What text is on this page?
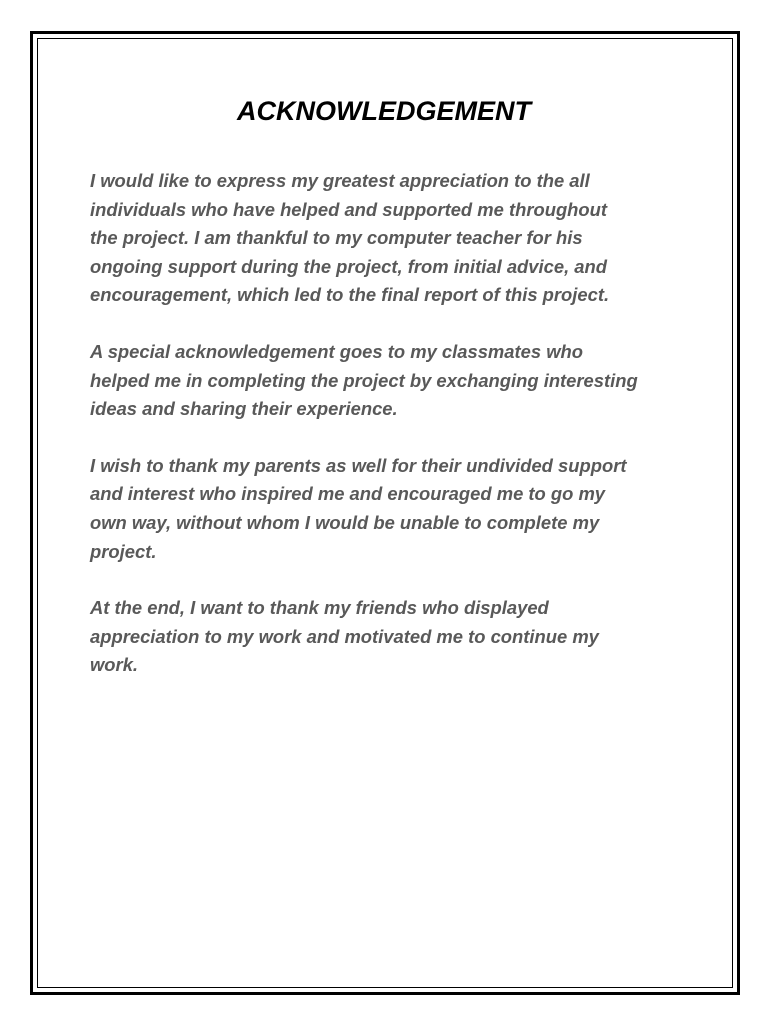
ACKNOWLEDGEMENT

I would like to express my greatest appreciation to the all
individuals who have helped and supported me throughout
the project. I am thankful to my computer teacher for his
ongoing support during the project, from initial advice, and
encouragement, which led to the final report of this project.

A special acknowledgement goes to my classmates who
helped me in completing the project by exchanging interesting
ideas and sharing their experience.

I wish to thank my parents as well for their undivided support
and interest who inspired me and encouraged me to go my
own way, without whom I would be unable to complete my
project.

At the end, I want to thank my friends who displayed
appreciation to my work and motivated me to continue my
work.
